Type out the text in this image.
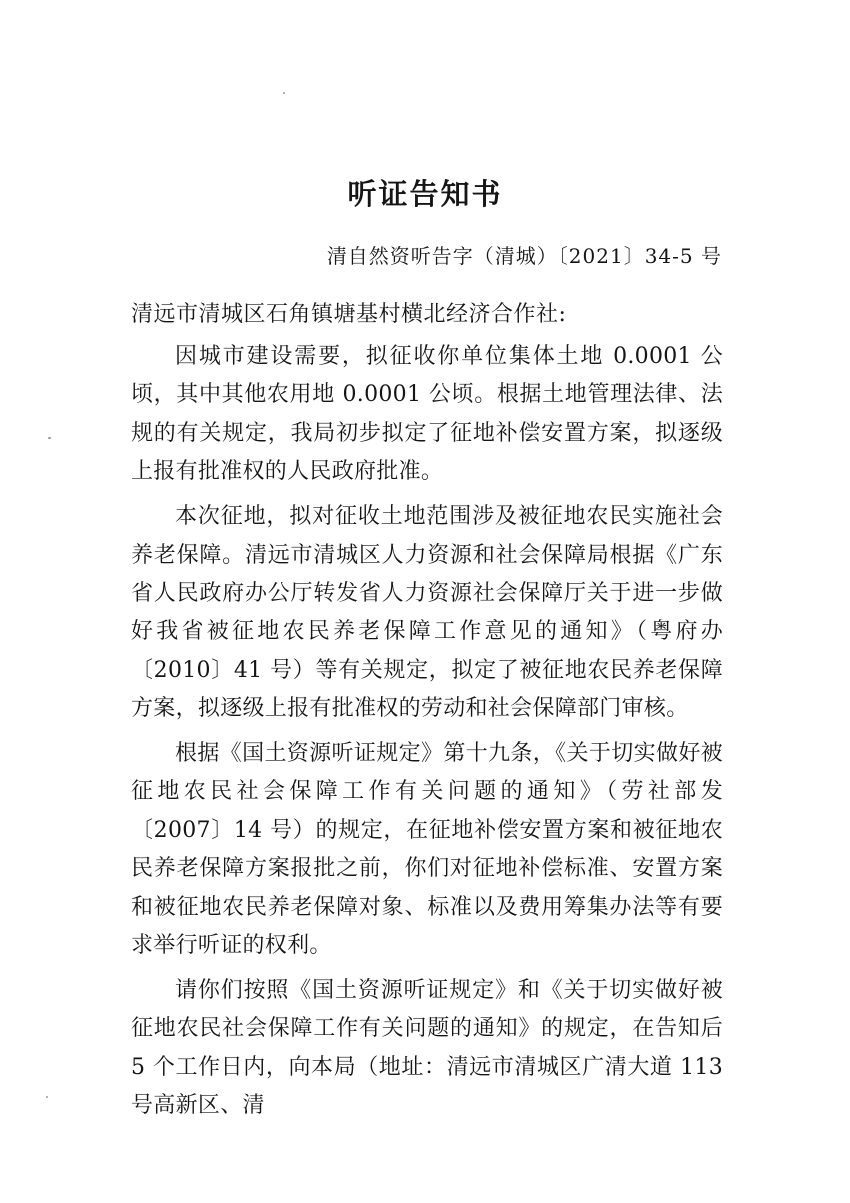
听证告知书
清自然资听告字（清城）〔2021〕34-5 号
清远市清城区石角镇塘基村横北经济合作社:

因城市建设需要，拟征收你单位集体土地 0.0001 公顷，其中其他农用地 0.0001 公顷。根据土地管理法律、法规的有关规定，我局初步拟定了征地补偿安置方案，拟逐级上报有批准权的人民政府批准。

本次征地，拟对征收土地范围涉及被征地农民实施社会养老保障。清远市清城区人力资源和社会保障局根据《广东省人民政府办公厅转发省人力资源社会保障厅关于进一步做好我省被征地农民养老保障工作意见的通知》（粤府办〔2010〕41 号）等有关规定，拟定了被征地农民养老保障方案，拟逐级上报有批准权的劳动和社会保障部门审核。

根据《国土资源听证规定》第十九条，《关于切实做好被征地农民社会保障工作有关问题的通知》（劳社部发〔2007〕14 号）的规定，在征地补偿安置方案和被征地农民养老保障方案报批之前，你们对征地补偿标准、安置方案和被征地农民养老保障对象、标准以及费用筹集办法等有要求举行听证的权利。

请你们按照《国土资源听证规定》和《关于切实做好被征地农民社会保障工作有关问题的通知》的规定，在告知后 5 个工作日内，向本局（地址：清远市清城区广清大道 113 号高新区、清
